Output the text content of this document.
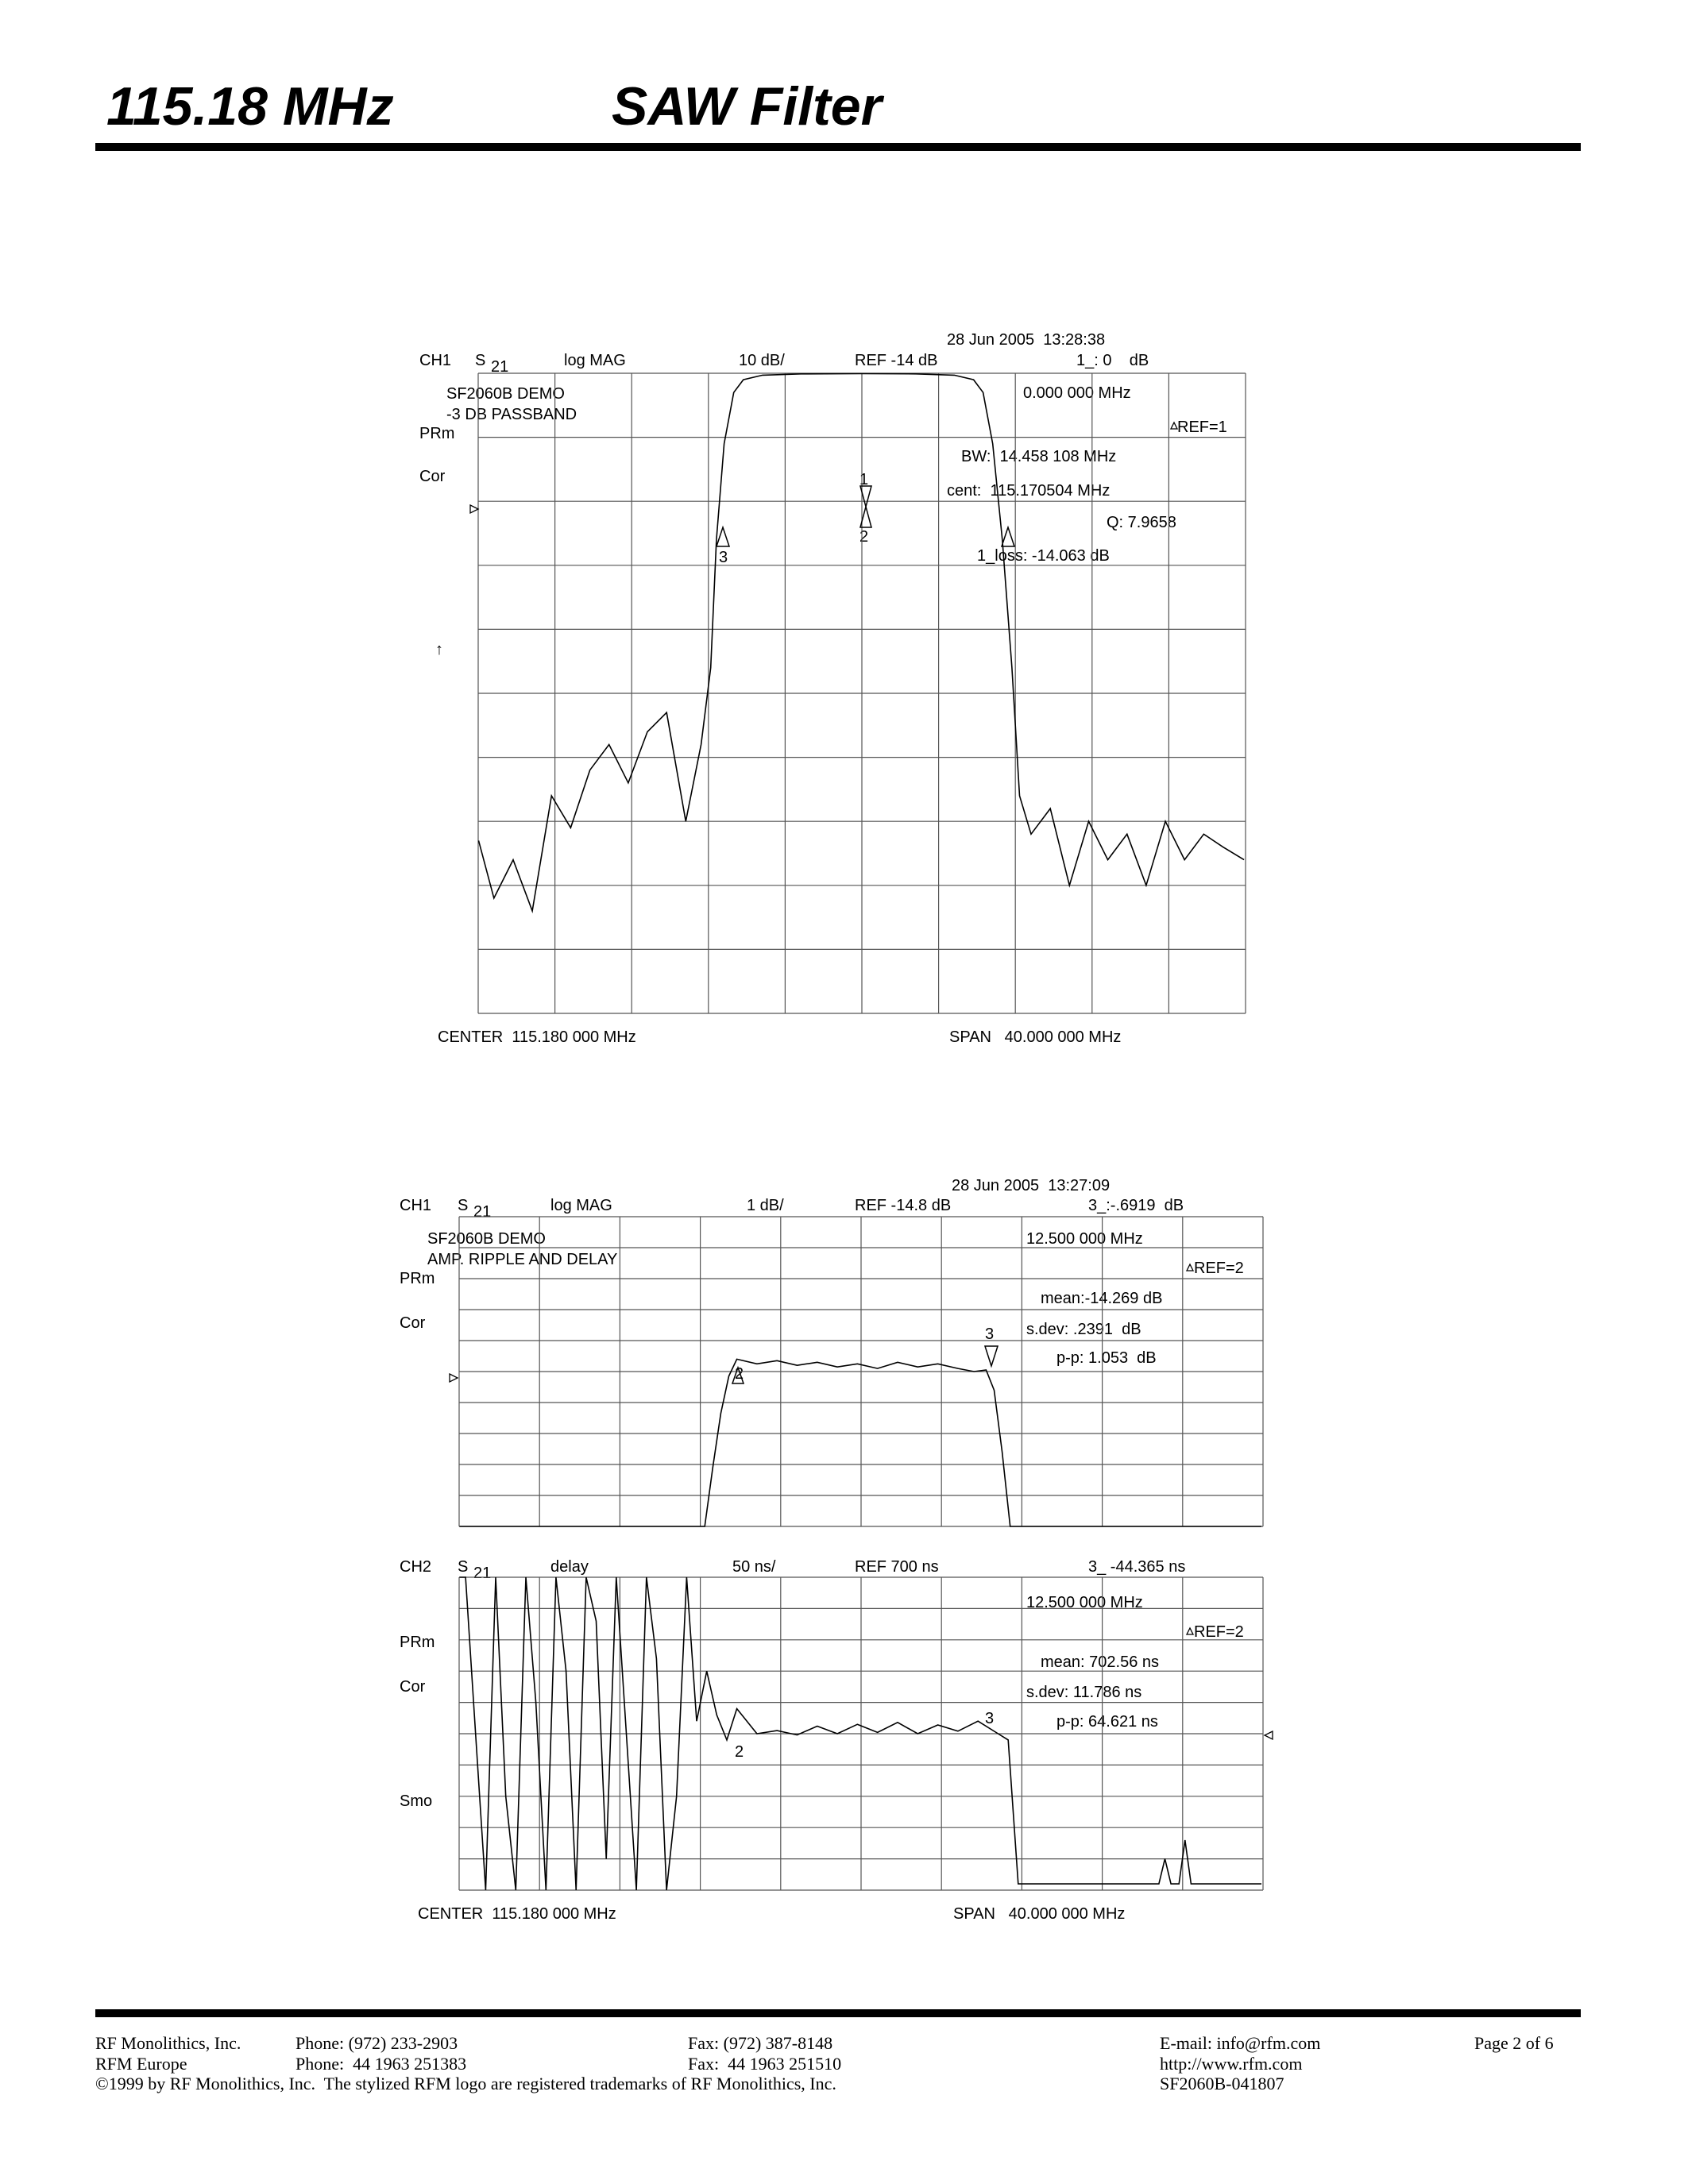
115.18 MHz	SAW Filter
28 Jun 2005  13:28:38
CH1 S 21	log MAG	10 dB/	REF -14 dB	1_: 0    dB
0.000 000 MHz
REF=1
SF2060B DEMO
-3 DB PASSBAND
PRm
Cor
↑
BW:  14.458 108 MHz
cent:  115.170504 MHz
Q: 7.9658
1_loss: -14.063 dB
1
2
3
CENTER  115.180 000 MHz	SPAN   40.000 000 MHz
28 Jun 2005  13:27:09
CH1 S 21	log MAG	1 dB/	REF -14.8 dB	3_:-.6919  dB
12.500 000 MHz
REF=2
SF2060B DEMO
AMP. RIPPLE AND DELAY
PRm
Cor
mean:-14.269 dB
s.dev: .2391  dB
p-p: 1.053  dB
2
3
CH2 S 21	delay	50 ns/	REF 700 ns	3_ -44.365 ns
12.500 000 MHz
REF=2
PRm
Cor
Smo
mean: 702.56 ns
s.dev: 11.786 ns
p-p: 64.621 ns
2
3
CENTER  115.180 000 MHz	SPAN   40.000 000 MHz
RF Monolithics, Inc.	Phone: (972) 233-2903	Fax: (972) 387-8148	E-mail: info@rfm.com	Page 2 of 6
RFM Europe	Phone:  44 1963 251383	Fax:  44 1963 251510	http://www.rfm.com
©1999 by RF Monolithics, Inc.  The stylized RFM logo are registered trademarks of RF Monolithics, Inc.	SF2060B-041807
